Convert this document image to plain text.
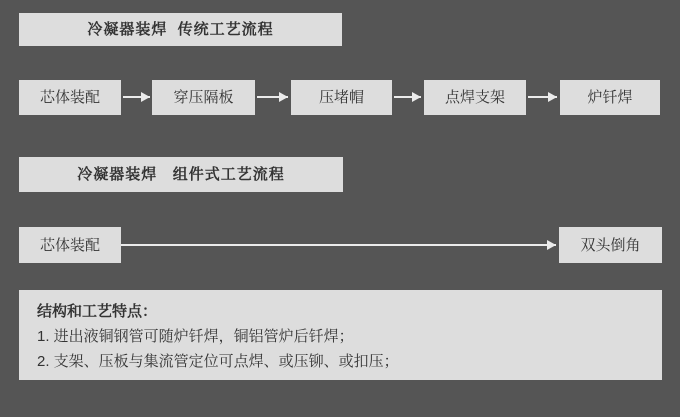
冷凝器装焊  传统工艺流程
芯体装配	穿压隔板	压堵帽	点焊支架	炉钎焊
冷凝器装焊   组件式工艺流程
芯体装配	双头倒角
结构和工艺特点：
1. 进出液铜钢管可随炉钎焊，铜铝管炉后钎焊；
2. 支架、压板与集流管定位可点焊、或压铆、或扣压；
